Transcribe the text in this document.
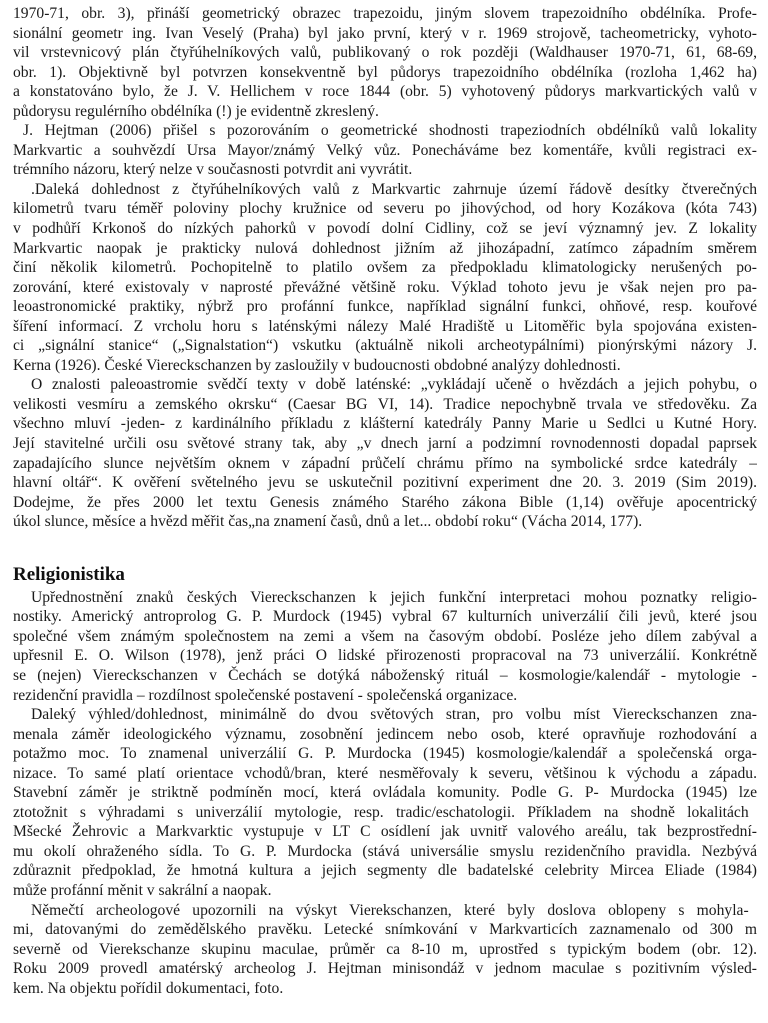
1970-71, obr. 3), přináší geometrický obrazec trapezoidu, jiným slovem trapezoidního obdélníka. Profe-
sionální geometr ing. Ivan Veselý (Praha) byl jako první, který v r. 1969 strojově, tacheometricky, vyhoto-
vil vrstevnicový plán čtyřúhelníkových valů, publikovaný o rok později (Waldhauser 1970-71, 61, 68-69,
obr. 1). Objektivně byl potvrzen konsekventně byl půdorys trapezoidního obdélníka (rozloha 1,462 ha)
a konstatováno bylo, že J. V. Hellichem v roce 1844 (obr. 5) vyhotovený půdorys markvartických valů v
půdorysu regulérního obdélníka (!) je evidentně zkreslený.
J. Hejtman (2006) přišel s pozorováním o geometrické shodnosti trapeziodních obdélníků valů lokality
Markvartic a souhvězdí Ursa Mayor/známý Velký vůz. Ponecháváme bez komentáře, kvůli registraci ex-
trémního názoru, který nelze v současnosti potvrdit ani vyvrátit.
.Daleká dohlednost z čtyřúhelníkových valů z Markvartic zahrnuje území řádově desítky čtverečných
kilometrů tvaru téměř poloviny plochy kružnice od severu po jihovýchod, od hory Kozákova (kóta 743)
v podhůří Krkonoš do nízkých pahorků v povodí dolní Cidliny, což se jeví významný jev. Z lokality
Markvartic naopak je prakticky nulová dohlednost jižním až jihozápadní, zatímco západním směrem
činí několik kilometrů. Pochopitelně to platilo ovšem za předpokladu klimatologicky nerušených po-
zorování, které existovaly v naprosté převážné většině roku. Výklad tohoto jevu je však nejen pro pa-
leoastronomické praktiky, nýbrž pro profánní funkce, například signální funkci, ohňové, resp. kouřové
šíření informací. Z vrcholu horu s laténskými nálezy Malé Hradiště u Litoměřic byla spojována existen-
ci „signální stanice“ („Signalstation“) vskutku (aktuálně nikoli archeotypálními) pionýrskými názory J.
Kerna (1926). České Viereckschanzen by zasloužily v budoucnosti obdobné analýzy dohlednosti.
O znalosti paleoastromie svědčí texty v době laténské: „vykládají učeně o hvězdách a jejich pohybu, o
velikosti vesmíru a zemského okrsku“ (Caesar BG VI, 14). Tradice nepochybně trvala ve středověku. Za
všechno mluví -jeden- z kardinálního příkladu z klášterní katedrály Panny Marie u Sedlci u Kutné Hory.
Její stavitelné určili osu světové strany tak, aby „v dnech jarní a podzimní rovnodennosti dopadal paprsek
zapadajícího slunce největším oknem v západní průčelí chrámu přímo na symbolické srdce katedrály –
hlavní oltář“. K ověření světelného jevu se uskutečnil pozitivní experiment dne 20. 3. 2019 (Sim 2019).
Dodejme, že přes 2000 let textu Genesis známého Starého zákona Bible (1,14) ověřuje apocentrický
úkol slunce, měsíce a hvězd měřit čas„na znamení časů, dnů a let... období roku“ (Vácha 2014, 177).
Religionistika
Upřednostnění znaků českých Viereckschanzen k jejich funkční interpretaci mohou poznatky religio-
nostiky. Americký antroprolog G. P. Murdock (1945) vybral 67 kulturních univerzálií čili jevů, které jsou
společné všem známým společnostem na zemi a všem na časovým období. Posléze jeho dílem zabýval a
upřesnil E. O. Wilson (1978), jenž práci O lidské přirozenosti propracoval na 73 univerzálií. Konkrétně
se (nejen) Viereckschanzen v Čechách se dotýká náboženský rituál – kosmologie/kalendář - mytologie -
rezidenční pravidla – rozdílnost společenské postavení - společenská organizace.
Daleký výhled/dohlednost, minimálně do dvou světových stran, pro volbu míst Viereckschanzen zna-
menala záměr ideologického významu, zosobnění jedincem nebo osob, které opravňuje rozhodování a
potažmo moc. To znamenal univerzálií G. P. Murdocka (1945) kosmologie/kalendář a společenská orga-
nizace. To samé platí orientace vchodů/bran, které nesměřovaly k severu, většinou k východu a západu.
Stavební záměr je striktně podmíněn mocí, která ovládala komunity. Podle G. P- Murdocka (1945) lze
ztotožnit s výhradami s univerzálií mytologie, resp. tradic/eschatologii. Příkladem na shodně lokalitách
Mšecké Žehrovic a Markvarktic vystupuje v LT C osídlení jak uvnitř valového areálu, tak bezprostřední-
mu okolí ohraženého sídla. To G. P. Murdocka (stává universálie smyslu rezidenčního pravidla. Nezbývá
zdůraznit předpoklad, že hmotná kultura a jejich segmenty dle badatelské celebrity Mircea Eliade (1984)
může profánní měnit v sakrální a naopak.
Němečtí archeologové upozornili na výskyt Vierekschanzen, které byly doslova oblopeny s mohyla-
mi, datovanými do zemědělského pravěku. Letecké snímkování v Markvarticích zaznamenalo od 300 m
severně od Vierekschanze skupinu maculae, průměr ca 8-10 m, uprostřed s typickým bodem (obr. 12).
Roku 2009 provedl amatérský archeolog J. Hejtman minisondáž v jednom maculae s pozitivním výsled-
kem. Na objektu pořídil dokumentaci, foto.
